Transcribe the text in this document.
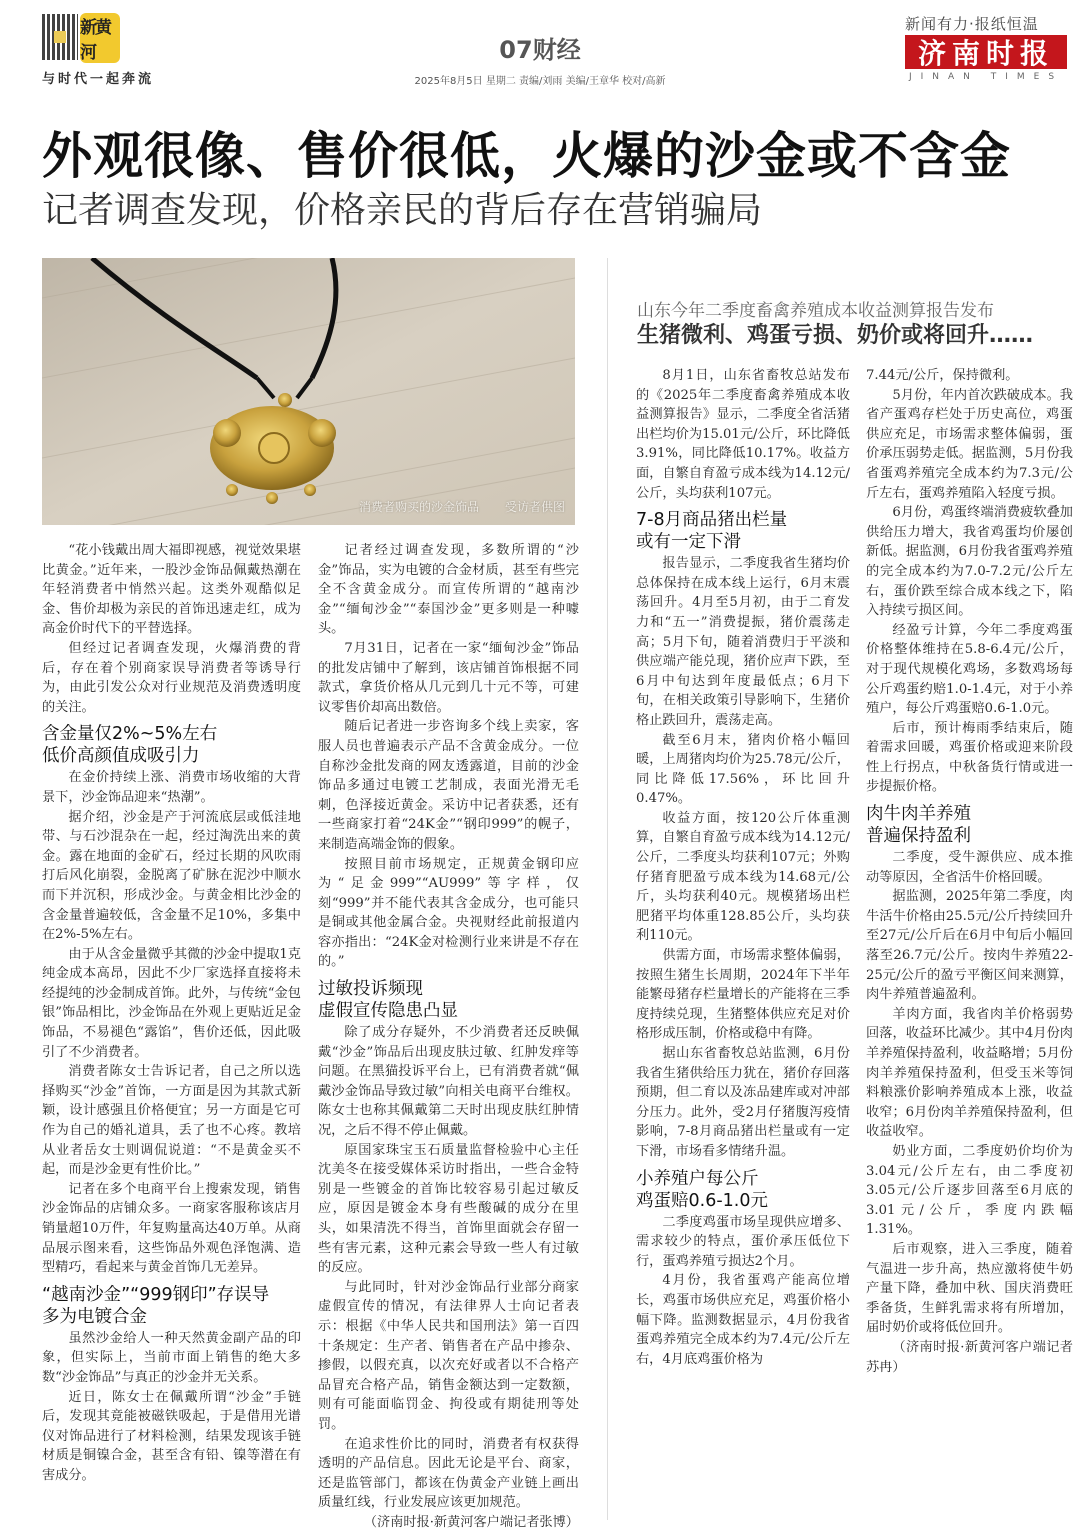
新黄河
与时代一起奔流
07财经
2025年8月5日 星期二 责编/刘雨 美编/王章华 校对/高新
新闻有力·报纸恒温
济南时报
JINAN TIMES
外观很像、售价很低，火爆的沙金或不含金
记者调查发现，价格亲民的背后存在营销骗局
消费者购买的沙金饰品 受访者供图
山东今年二季度畜禽养殖成本收益测算报告发布
生猪微利、鸡蛋亏损、奶价或将回升……

“花小钱戴出周大福即视感，视觉效果堪比黄金。”近年来，一股沙金饰品佩戴热潮在年轻消费者中悄然兴起。这类外观酷似足金、售价却极为亲民的首饰迅速走红，成为高金价时代下的平替选择。

但经过记者调查发现，火爆消费的背后，存在着个别商家误导消费者等诱导行为，由此引发公众对行业规范及消费透明度的关注。

含金量仅2%~5%左右
低价高颜值成吸引力

在金价持续上涨、消费市场收缩的大背景下，沙金饰品迎来“热潮”。

据介绍，沙金是产于河流底层或低洼地带、与石沙混杂在一起，经过淘洗出来的黄金。露在地面的金矿石，经过长期的风吹雨打后风化崩裂，金脱离了矿脉在泥沙中顺水而下并沉积，形成沙金。与黄金相比沙金的含金量普遍较低，含金量不足10%，多集中在2%-5%左右。

由于从含金量微乎其微的沙金中提取1克纯金成本高昂，因此不少厂家选择直接将未经提纯的沙金制成首饰。此外，与传统“金包银”饰品相比，沙金饰品在外观上更贴近足金饰品，不易褪色“露馅”，售价还低，因此吸引了不少消费者。

消费者陈女士告诉记者，自己之所以选择购买“沙金”首饰，一方面是因为其款式新颖，设计感强且价格便宜；另一方面是它可作为自己的婚礼道具，丢了也不心疼。教培从业者岳女士则调侃说道：“不是黄金买不起，而是沙金更有性价比。”

记者在多个电商平台上搜索发现，销售沙金饰品的店铺众多。一商家客服称该店月销量超10万件，年复购量高达40万单。从商品展示图来看，这些饰品外观色泽饱满、造型精巧，看起来与黄金首饰几无差异。

“越南沙金”“999钢印”存误导
多为电镀合金

虽然沙金给人一种天然黄金副产品的印象，但实际上，当前市面上销售的绝大多数“沙金饰品”与真正的沙金并无关系。

近日，陈女士在佩戴所谓“沙金”手链后，发现其竟能被磁铁吸起，于是借用光谱仪对饰品进行了材料检测，结果发现该手链材质是铜镍合金，甚至含有铅、镍等潜在有害成分。

记者经过调查发现，多数所谓的“沙金”饰品，实为电镀的合金材质，甚至有些完全不含黄金成分。而宣传所谓的“越南沙金”“缅甸沙金”“泰国沙金”更多则是一种噱头。

7月31日，记者在一家“缅甸沙金”饰品的批发店铺中了解到，该店铺首饰根据不同款式，拿货价格从几元到几十元不等，可建议零售价却高出数倍。

随后记者进一步咨询多个线上卖家，客服人员也普遍表示产品不含黄金成分。一位自称沙金批发商的网友透露道，目前的沙金饰品多通过电镀工艺制成，表面光滑无毛刺，色泽接近黄金。采访中记者获悉，还有一些商家打着“24K金”“钢印999”的幌子，来制造高端金饰的假象。

按照目前市场规定，正规黄金钢印应为“足金999”“AU999”等字样，仅刻“999”并不能代表其含金成分，也可能只是铜或其他金属合金。央视财经此前报道内容亦指出：“24K金对检测行业来讲是不存在的。”

过敏投诉频现
虚假宣传隐患凸显

除了成分存疑外，不少消费者还反映佩戴“沙金”饰品后出现皮肤过敏、红肿发痒等问题。在黑猫投诉平台上，已有消费者就“佩戴沙金饰品导致过敏”向相关电商平台维权。陈女士也称其佩戴第二天时出现皮肤红肿情况，之后不得不停止佩戴。

原国家珠宝玉石质量监督检验中心主任沈美冬在接受媒体采访时指出，一些合金特别是一些镀金的首饰比较容易引起过敏反应，原因是镀金本身有些酸碱的成分在里头，如果清洗不得当，首饰里面就会存留一些有害元素，这种元素会导致一些人有过敏的反应。

与此同时，针对沙金饰品行业部分商家虚假宣传的情况，有法律界人士向记者表示：根据《中华人民共和国刑法》第一百四十条规定：生产者、销售者在产品中掺杂、掺假，以假充真，以次充好或者以不合格产品冒充合格产品，销售金额达到一定数额，则有可能面临罚金、拘役或有期徒刑等处罚。

在追求性价比的同时，消费者有权获得透明的产品信息。因此无论是平台、商家，还是监管部门，都该在伪黄金产业链上画出质量红线，行业发展应该更加规范。

（济南时报·新黄河客户端记者张博）

8月1日，山东省畜牧总站发布的《2025年二季度畜禽养殖成本收益测算报告》显示，二季度全省活猪出栏均价为15.01元/公斤，环比降低3.91%，同比降低10.17%。收益方面，自繁自育盈亏成本线为14.12元/公斤，头均获利107元。

7-8月商品猪出栏量
或有一定下滑

报告显示，二季度我省生猪均价总体保持在成本线上运行，6月末震荡回升。4月至5月初，由于二育发力和“五一”消费提振，猪价震荡走高；5月下旬，随着消费归于平淡和供应端产能兑现，猪价应声下跌，至6月中旬达到年度最低点；6月下旬，在相关政策引导影响下，生猪价格止跌回升，震荡走高。

截至6月末，猪肉价格小幅回暖，上周猪肉均价为25.78元/公斤，同比降低17.56%，环比回升0.47%。

收益方面，按120公斤体重测算，自繁自育盈亏成本线为14.12元/公斤，二季度头均获利107元；外购仔猪育肥盈亏成本线为14.68元/公斤，头均获利40元。规模猪场出栏肥猪平均体重128.85公斤，头均获利110元。

供需方面，市场需求整体偏弱，按照生猪生长周期，2024年下半年能繁母猪存栏量增长的产能将在三季度持续兑现，生猪整体供应充足对价格形成压制，价格或稳中有降。

据山东省畜牧总站监测，6月份我省生猪供给压力犹在，猪价存回落预期，但二育以及冻品建库或对冲部分压力。此外，受2月仔猪腹泻疫情影响，7-8月商品猪出栏量或有一定下滑，市场看多情绪升温。

小养殖户每公斤
鸡蛋赔0.6-1.0元

二季度鸡蛋市场呈现供应增多、需求较少的特点，蛋价承压低位下行，蛋鸡养殖亏损达2个月。

4月份，我省蛋鸡产能高位增长，鸡蛋市场供应充足，鸡蛋价格小幅下降。监测数据显示，4月份我省蛋鸡养殖完全成本约为7.4元/公斤左右，4月底鸡蛋价格为

7.44元/公斤，保持微利。

5月份，年内首次跌破成本。我省产蛋鸡存栏处于历史高位，鸡蛋供应充足，市场需求整体偏弱，蛋价承压弱势走低。据监测，5月份我省蛋鸡养殖完全成本约为7.3元/公斤左右，蛋鸡养殖陷入轻度亏损。

6月份，鸡蛋终端消费疲软叠加供给压力增大，我省鸡蛋均价屡创新低。据监测，6月份我省蛋鸡养殖的完全成本约为7.0-7.2元/公斤左右，蛋价跌至综合成本线之下，陷入持续亏损区间。

经盈亏计算，今年二季度鸡蛋价格整体维持在5.8-6.4元/公斤，对于现代规模化鸡场，多数鸡场每公斤鸡蛋约赔1.0-1.4元，对于小养殖户，每公斤鸡蛋赔0.6-1.0元。

后市，预计梅雨季结束后，随着需求回暖，鸡蛋价格或迎来阶段性上行拐点，中秋备货行情或进一步提振价格。

肉牛肉羊养殖
普遍保持盈利

二季度，受牛源供应、成本推动等原因，全省活牛价格回暖。

据监测，2025年第二季度，肉牛活牛价格由25.5元/公斤持续回升至27元/公斤后在6月中旬后小幅回落至26.7元/公斤。按肉牛养殖22-25元/公斤的盈亏平衡区间来测算，肉牛养殖普遍盈利。

羊肉方面，我省肉羊价格弱势回落，收益环比减少。其中4月份肉羊养殖保持盈利，收益略增；5月份肉羊养殖保持盈利，但受玉米等饲料粮涨价影响养殖成本上涨，收益收窄；6月份肉羊养殖保持盈利，但收益收窄。

奶业方面，二季度奶价均价为3.04元/公斤左右，由二季度初3.05元/公斤逐步回落至6月底的3.01元/公斤，季度内跌幅1.31%。

后市观察，进入三季度，随着气温进一步升高，热应激将使牛奶产量下降，叠加中秋、国庆消费旺季备货，生鲜乳需求将有所增加，届时奶价或将低位回升。

（济南时报·新黄河客户端记者苏冉）
